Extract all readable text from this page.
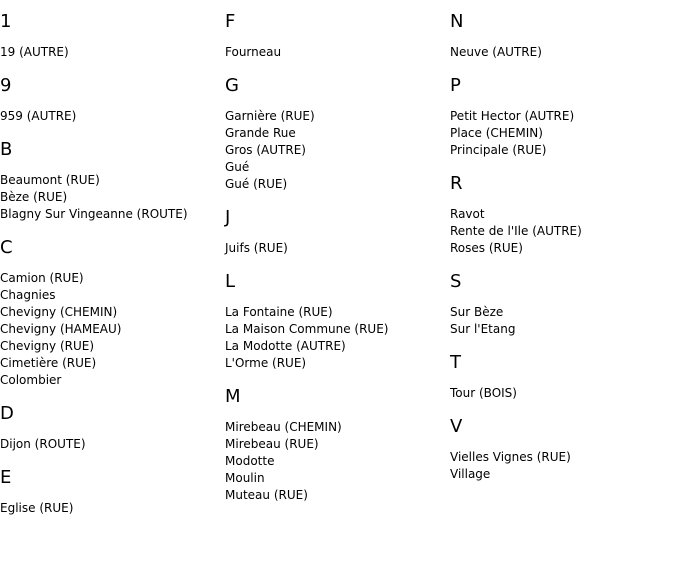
1
19 (AUTRE)
9
959 (AUTRE)
B
Beaumont (RUE)
Bèze (RUE)
Blagny Sur Vingeanne (ROUTE)
C
Camion (RUE)
Chagnies
Chevigny (CHEMIN)
Chevigny (HAMEAU)
Chevigny (RUE)
Cimetière (RUE)
Colombier
D
Dijon (ROUTE)
E
Eglise (RUE)
F
Fourneau
G
Garnière (RUE)
Grande Rue
Gros (AUTRE)
Gué
Gué (RUE)
J
Juifs (RUE)
L
La Fontaine (RUE)
La Maison Commune (RUE)
La Modotte (AUTRE)
L'Orme (RUE)
M
Mirebeau (CHEMIN)
Mirebeau (RUE)
Modotte
Moulin
Muteau (RUE)
N
Neuve (AUTRE)
P
Petit Hector (AUTRE)
Place (CHEMIN)
Principale (RUE)
R
Ravot
Rente de l'Ile (AUTRE)
Roses (RUE)
S
Sur Bèze
Sur l'Etang
T
Tour (BOIS)
V
Vielles Vignes (RUE)
Village
